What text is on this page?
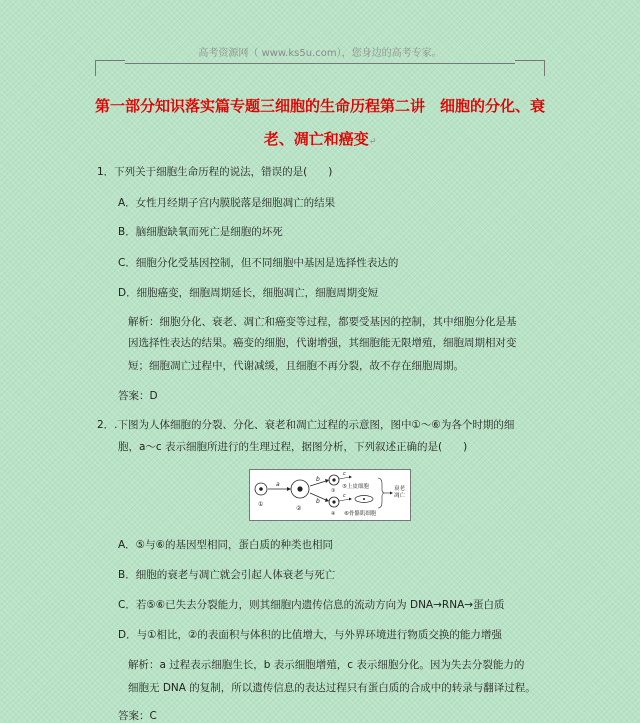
高考资源网（ www.ks5u.com），您身边的高考专家。
第一部分知识落实篇专题三细胞的生命历程第二讲　细胞的分化、衰
老、凋亡和癌变↵
1．下列关于细胞生命历程的说法，错误的是(　　)
A．女性月经期子宫内膜脱落是细胞凋亡的结果
B．脑细胞缺氧而死亡是细胞的坏死
C．细胞分化受基因控制，但不同细胞中基因是选择性表达的
D．细胞癌变，细胞周期延长，细胞凋亡，细胞周期变短
解析：细胞分化、衰老、凋亡和癌变等过程，都要受基因的控制，其中细胞分化是基
因选择性表达的结果。癌变的细胞，代谢增强，其细胞能无限增殖，细胞周期相对变
短；细胞凋亡过程中，代谢减缓，且细胞不再分裂，故不存在细胞周期。
答案：D
2．.下图为人体细胞的分裂、分化、衰老和凋亡过程的示意图，图中①～⑥为各个时期的细
胞，a～c 表示细胞所进行的生理过程，据图分析，下列叙述正确的是(　　)
①
a
②
b
b
③
④
c
c
⑤上皮细胞
⑥骨骼肌细胞
衰老 凋亡
A．⑤与⑥的基因型相同，蛋白质的种类也相同
B．细胞的衰老与凋亡就会引起人体衰老与死亡
C．若⑤⑥已失去分裂能力，则其细胞内遗传信息的流动方向为 DNA→RNA→蛋白质
D．与①相比，②的表面积与体积的比值增大，与外界环境进行物质交换的能力增强
解析：a 过程表示细胞生长，b 表示细胞增殖，c 表示细胞分化。因为失去分裂能力的
细胞无 DNA 的复制，所以遗传信息的表达过程只有蛋白质的合成中的转录与翻译过程。
答案：C
